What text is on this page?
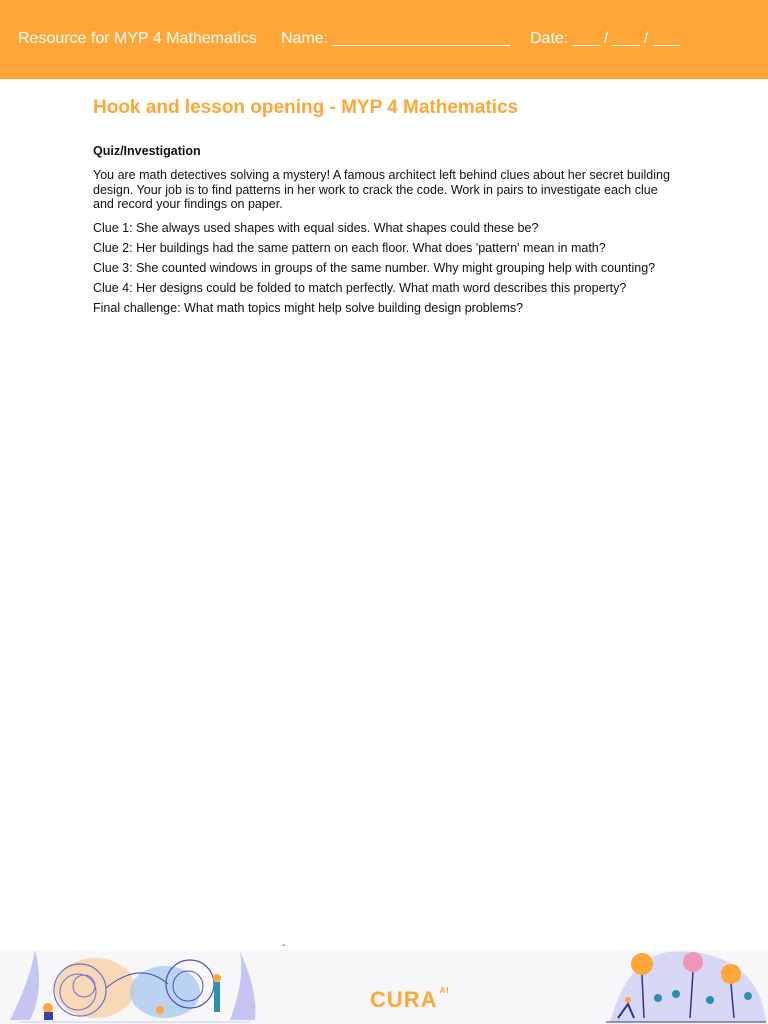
Resource for MYP 4 Mathematics Name: ____________________ Date: ___ / ___ / ___
Hook and lesson opening - MYP 4 Mathematics
Quiz/Investigation

You are math detectives solving a mystery! A famous architect left behind clues about her secret building design. Your job is to find patterns in her work to crack the code. Work in pairs to investigate each clue and record your findings on paper.

Clue 1: She always used shapes with equal sides. What shapes could these be?
Clue 2: Her buildings had the same pattern on each floor. What does 'pattern' mean in math?
Clue 3: She counted windows in groups of the same number. Why might grouping help with counting?
Clue 4: Her designs could be folded to match perfectly. What math word describes this property?

Final challenge: What math topics might help solve building design problems?

-
CURA $^{AI}$
